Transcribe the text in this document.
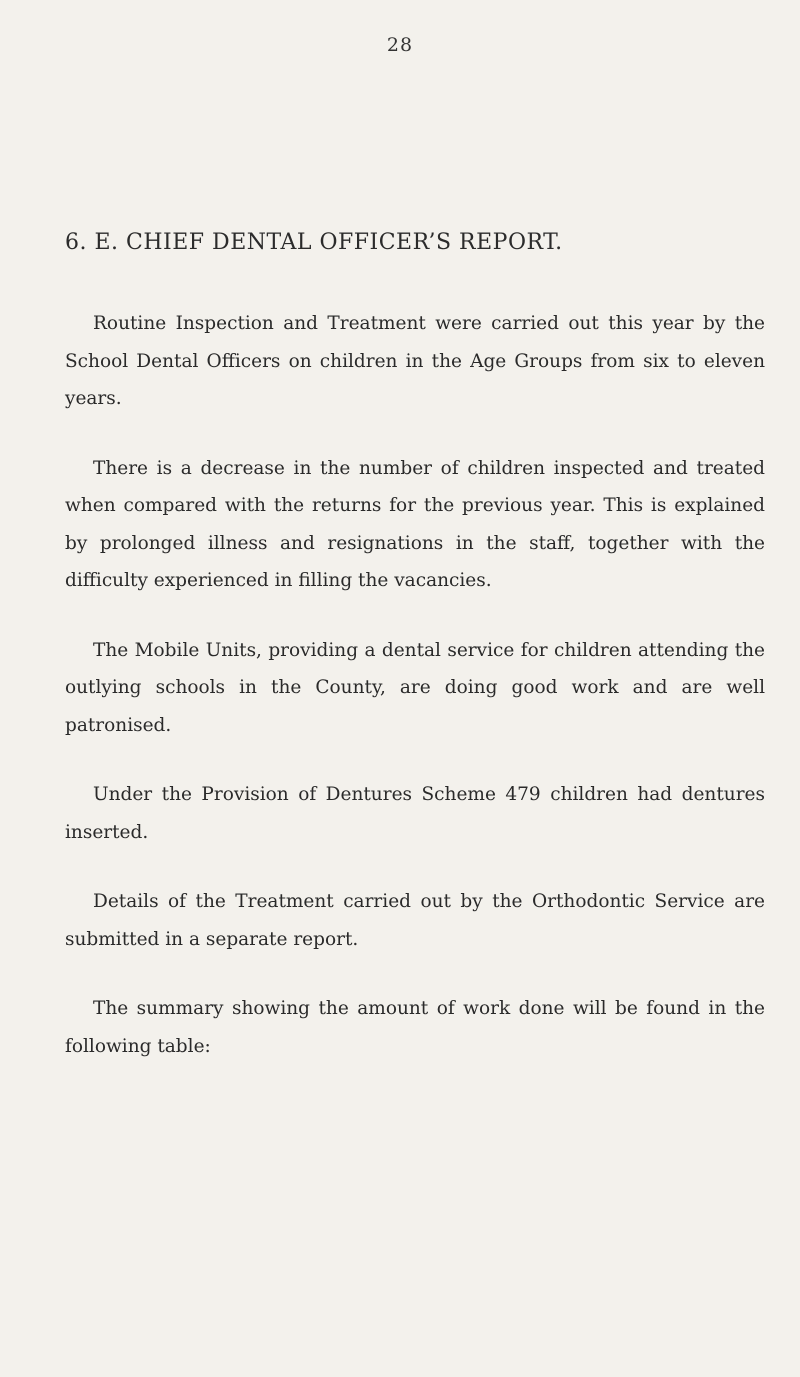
28
6. E. CHIEF DENTAL OFFICER’S REPORT.

Routine Inspection and Treatment were carried out this year by the School Dental Officers on children in the Age Groups from six to eleven years.

There is a decrease in the number of children inspected and treated when compared with the returns for the previous year. This is explained by prolonged illness and resignations in the staff, together with the difficulty experienced in filling the vacancies.

The Mobile Units, providing a dental service for children attending the outlying schools in the County, are doing good work and are well patronised.

Under the Provision of Dentures Scheme 479 children had dentures inserted.

Details of the Treatment carried out by the Orthodontic Service are submitted in a separate report.

The summary showing the amount of work done will be found in the following table:
